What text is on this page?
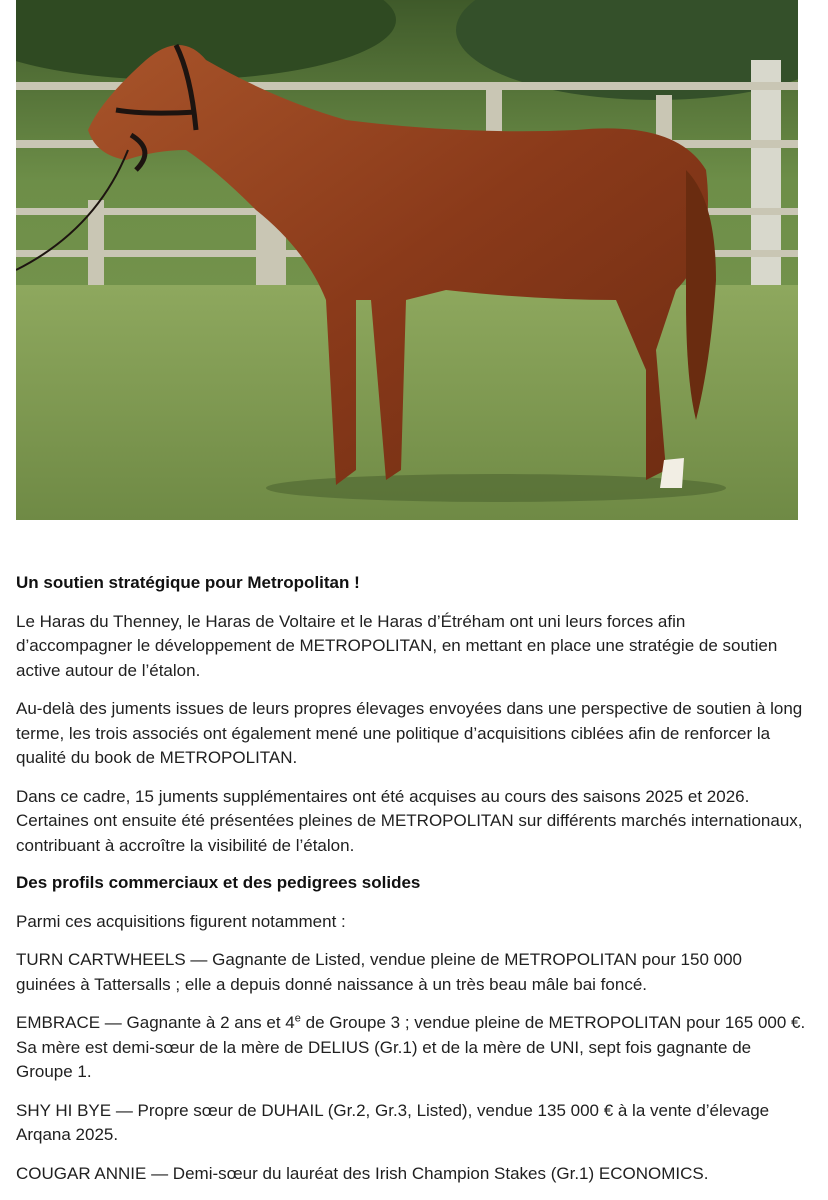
Un soutien stratégique pour Metropolitan !

Le Haras du Thenney, le Haras de Voltaire et le Haras d’Étréham ont uni leurs forces afin d’accompagner le développement de METROPOLITAN, en mettant en place une stratégie de soutien active autour de l’étalon.

Au-delà des juments issues de leurs propres élevages envoyées dans une perspective de soutien à long terme, les trois associés ont également mené une politique d’acquisitions ciblées afin de renforcer la qualité du book de METROPOLITAN.

Dans ce cadre, 15 juments supplémentaires ont été acquises au cours des saisons 2025 et 2026. Certaines ont ensuite été présentées pleines de METROPOLITAN sur différents marchés internationaux, contribuant à accroître la visibilité de l’étalon.

Des profils commerciaux et des pedigrees solides

Parmi ces acquisitions figurent notamment :

TURN CARTWHEELS — Gagnante de Listed, vendue pleine de METROPOLITAN pour 150 000 guinées à Tattersalls ; elle a depuis donné naissance à un très beau mâle bai foncé.

EMBRACE — Gagnante à 2 ans et 4e de Groupe 3 ; vendue pleine de METROPOLITAN pour 165 000 €. Sa mère est demi-sœur de la mère de DELIUS (Gr.1) et de la mère de UNI, sept fois gagnante de Groupe 1.

SHY HI BYE — Propre sœur de DUHAIL (Gr.2, Gr.3, Listed), vendue 135 000 € à la vente d’élevage Arqana 2025.

COUGAR ANNIE — Demi-sœur du lauréat des Irish Champion Stakes (Gr.1) ECONOMICS.
